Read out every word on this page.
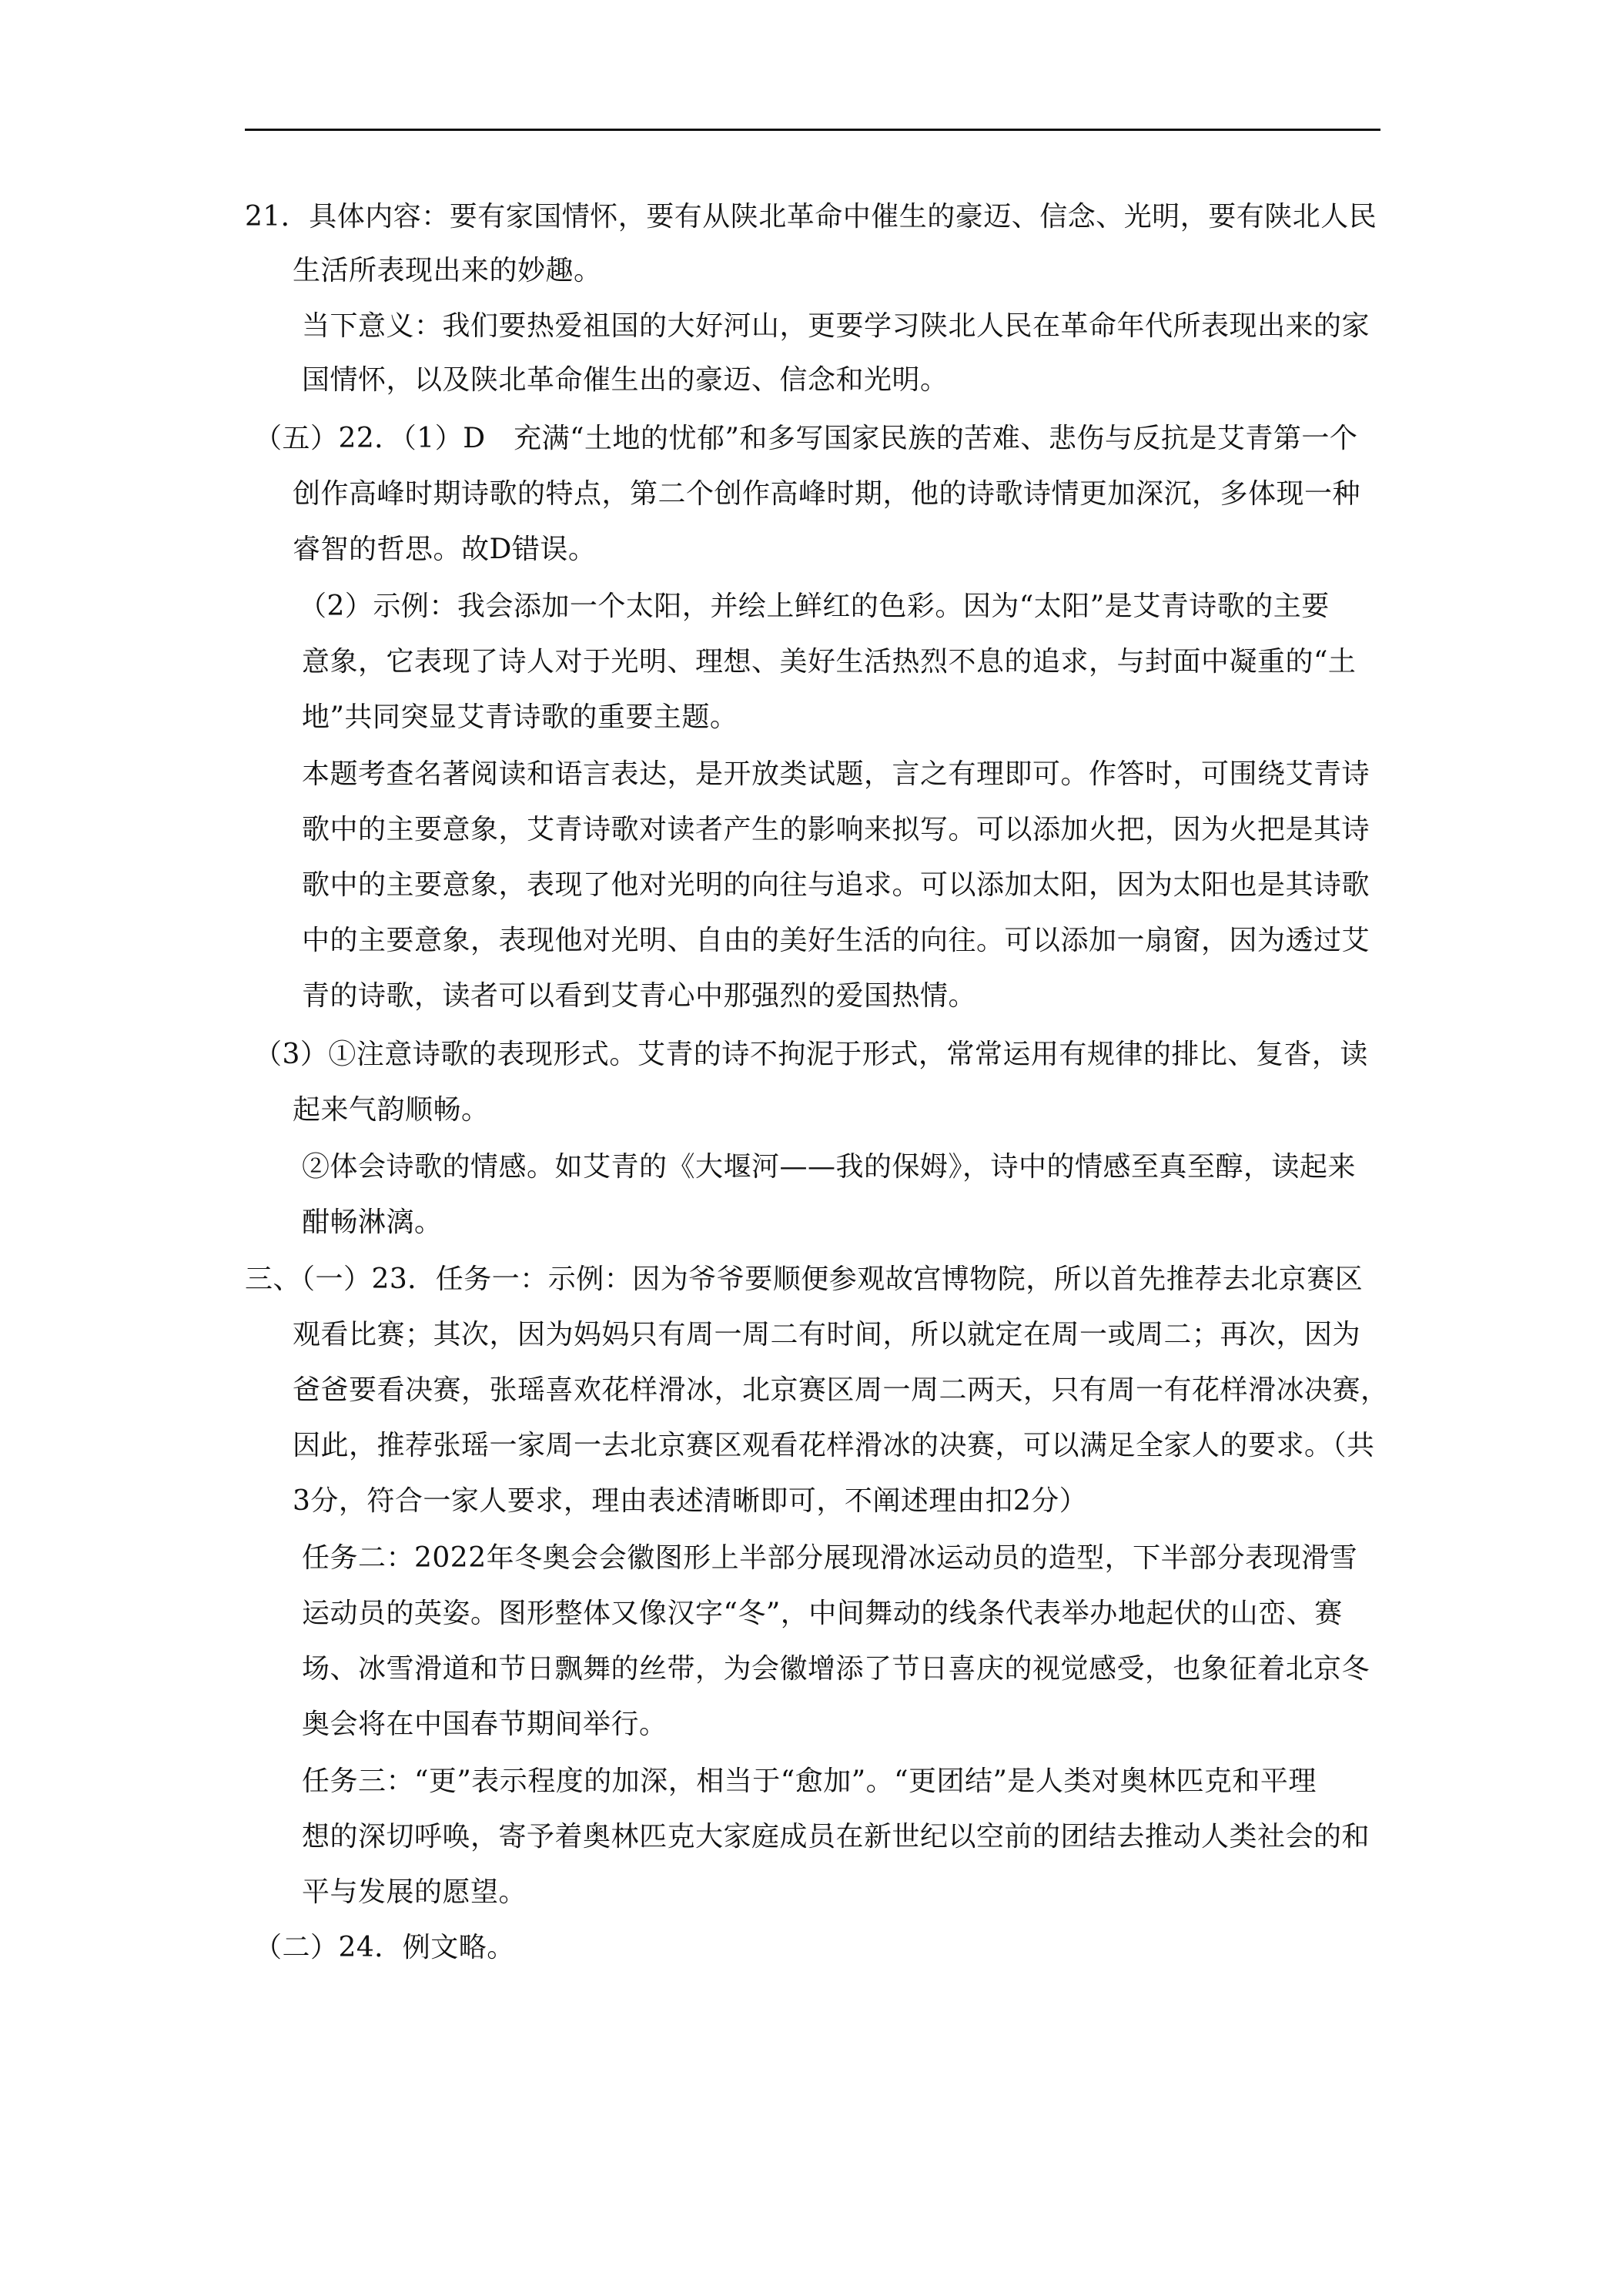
21．具体内容：要有家国情怀，要有从陕北革命中催生的豪迈、信念、光明，要有陕北人民
生活所表现出来的妙趣。
当下意义：我们要热爱祖国的大好河山，更要学习陕北人民在革命年代所表现出来的家
国情怀，以及陕北革命催生出的豪迈、信念和光明。
（五）22．（1）D　充满“土地的忧郁”和多写国家民族的苦难、悲伤与反抗是艾青第一个
创作高峰时期诗歌的特点，第二个创作高峰时期，他的诗歌诗情更加深沉，多体现一种
睿智的哲思。故D错误。
（2）示例：我会添加一个太阳，并绘上鲜红的色彩。因为“太阳”是艾青诗歌的主要
意象，它表现了诗人对于光明、理想、美好生活热烈不息的追求，与封面中凝重的“土
地”共同突显艾青诗歌的重要主题。
本题考查名著阅读和语言表达，是开放类试题，言之有理即可。作答时，可围绕艾青诗
歌中的主要意象，艾青诗歌对读者产生的影响来拟写。可以添加火把，因为火把是其诗
歌中的主要意象，表现了他对光明的向往与追求。可以添加太阳，因为太阳也是其诗歌
中的主要意象，表现他对光明、自由的美好生活的向往。可以添加一扇窗，因为透过艾
青的诗歌，读者可以看到艾青心中那强烈的爱国热情。
（3）①注意诗歌的表现形式。艾青的诗不拘泥于形式，常常运用有规律的排比、复沓，读
起来气韵顺畅。
②体会诗歌的情感。如艾青的《大堰河——我的保姆》，诗中的情感至真至醇，读起来
酣畅淋漓。
三、（一）23．任务一：示例：因为爷爷要顺便参观故宫博物院，所以首先推荐去北京赛区
观看比赛；其次，因为妈妈只有周一周二有时间，所以就定在周一或周二；再次，因为
爸爸要看决赛，张瑶喜欢花样滑冰，北京赛区周一周二两天，只有周一有花样滑冰决赛，
因此，推荐张瑶一家周一去北京赛区观看花样滑冰的决赛，可以满足全家人的要求。（共
3分，符合一家人要求，理由表述清晰即可，不阐述理由扣2分）
任务二：2022年冬奥会会徽图形上半部分展现滑冰运动员的造型，下半部分表现滑雪
运动员的英姿。图形整体又像汉字“冬”，中间舞动的线条代表举办地起伏的山峦、赛
场、冰雪滑道和节日飘舞的丝带，为会徽增添了节日喜庆的视觉感受，也象征着北京冬
奥会将在中国春节期间举行。
任务三：“更”表示程度的加深，相当于“愈加”。“更团结”是人类对奥林匹克和平理
想的深切呼唤，寄予着奥林匹克大家庭成员在新世纪以空前的团结去推动人类社会的和
平与发展的愿望。
（二）24．例文略。
